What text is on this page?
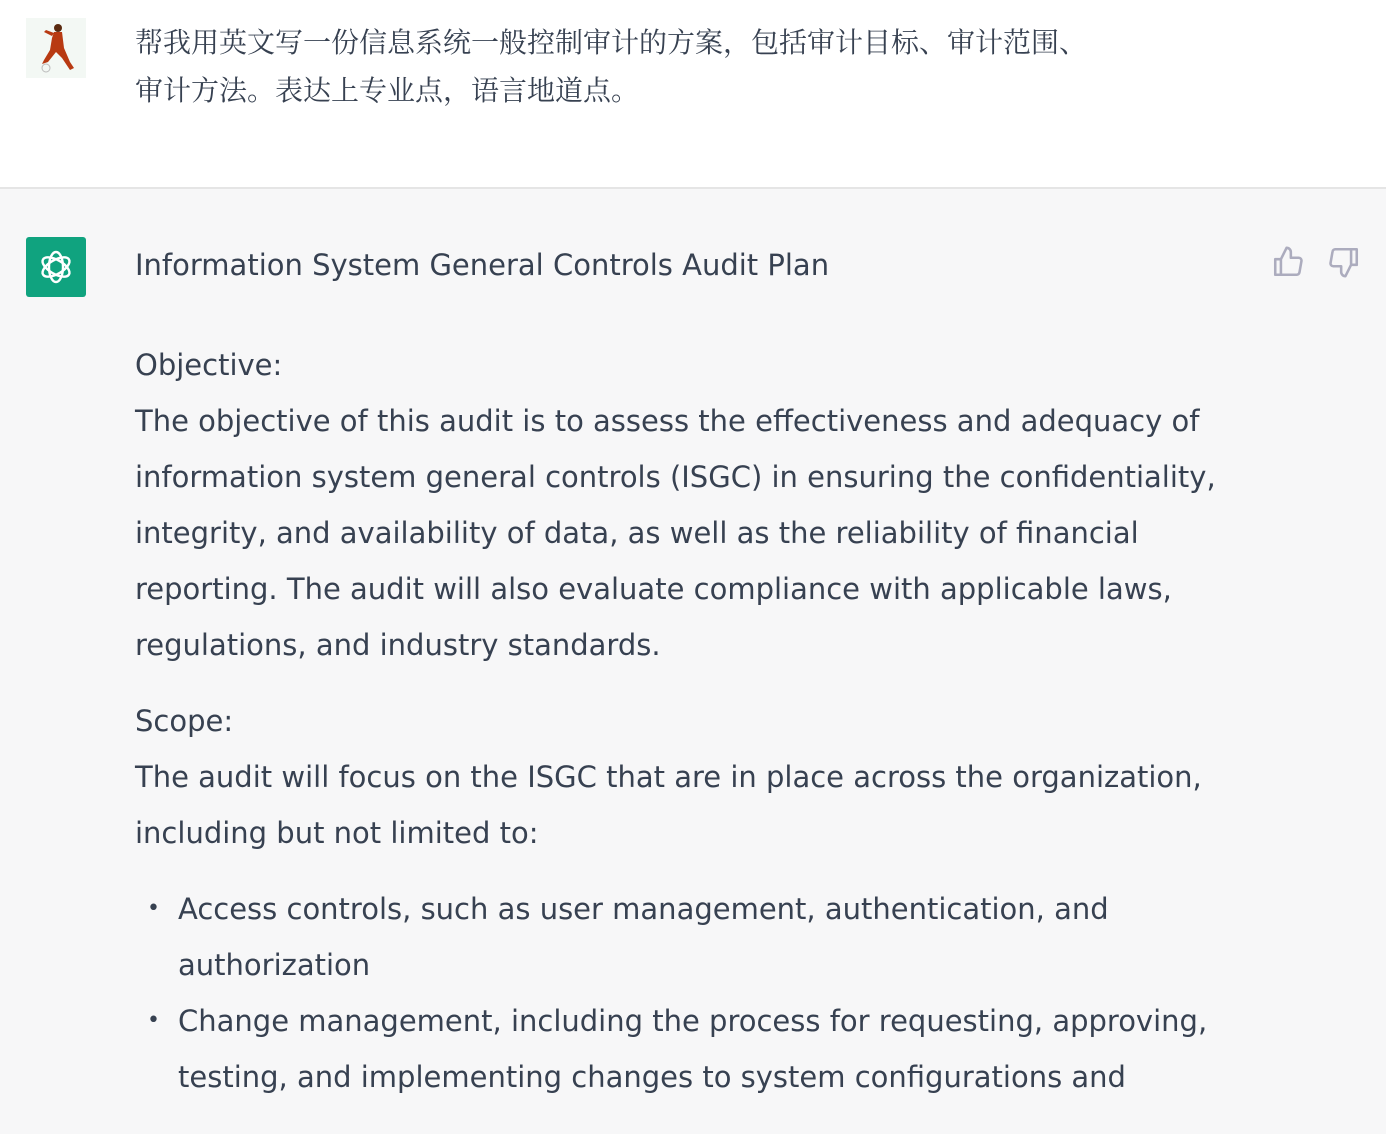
帮我用英文写一份信息系统一般控制审计的方案，包括审计目标、审计范围、
审计方法。表达上专业点，语言地道点。
Information System General Controls Audit Plan
Objective:
The objective of this audit is to assess the effectiveness and adequacy of
information system general controls (ISGC) in ensuring the confidentiality,
integrity, and availability of data, as well as the reliability of financial
reporting. The audit will also evaluate compliance with applicable laws,
regulations, and industry standards.
Scope:
The audit will focus on the ISGC that are in place across the organization,
including but not limited to:
• Access controls, such as user management, authentication, and
authorization
• Change management, including the process for requesting, approving,
testing, and implementing changes to system configurations and
